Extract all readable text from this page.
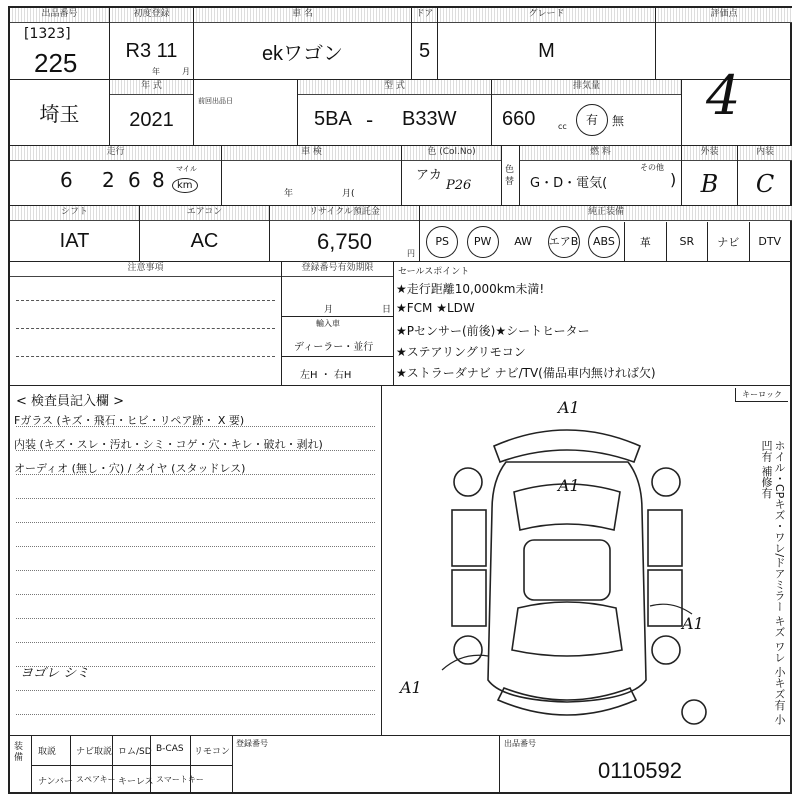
出品番号
[1323]
225
初度登録
R3 11
年	月
車 名
ekワゴン
ドア
5
グレード
M
評価点
4
埼玉
年 式
2021
前回出品日
型 式
5BA - B33W
排気量
660	cc	有	無
走行
6 2 6 8 マイル
km
車 検
年	月(
色 (Col.No)
アカ
P26
色替
燃 料
G・D・電気(
その他
)
外装
B
内装
C
シフト
IAT
エアコン
AC
リサイクル預託金
6,750	円
純正装備
PS	PW	AW エアB	ABS	革	SR ナビ DTV
注意事項	登録番号有効期限
月	日
輸入車
ディーラー・並行
左H ・ 右H
セールスポイント
★走行距離10,000km未満!
★FCM ★LDW
★Pセンサー(前後)★シートヒーター
★ステアリングリモコン
★ストラーダナビ ナビ/TV(備品車内無ければ欠)
< 検査員記入欄 >
Fガラス (キズ・飛石・ヒビ・リペア跡・ X 要)
内装 (キズ・スレ・汚れ・シミ・コゲ・穴・キレ・破れ・剥れ)
オーディオ (無し・穴) / タイヤ (スタッドレス)
ヨゴレ シミ
キーロック
A1
A1
A1
A1	ホイル・CPキズ・ワレ/ドアミラー キズ ワレ 小キズ有 小凹有 補修有
装備
取説 ナビ取説 ロム/SD B-CAS リモコン
ナンバー スペアキー キーレス スマートキー
登録番号	出品番号
0110592
